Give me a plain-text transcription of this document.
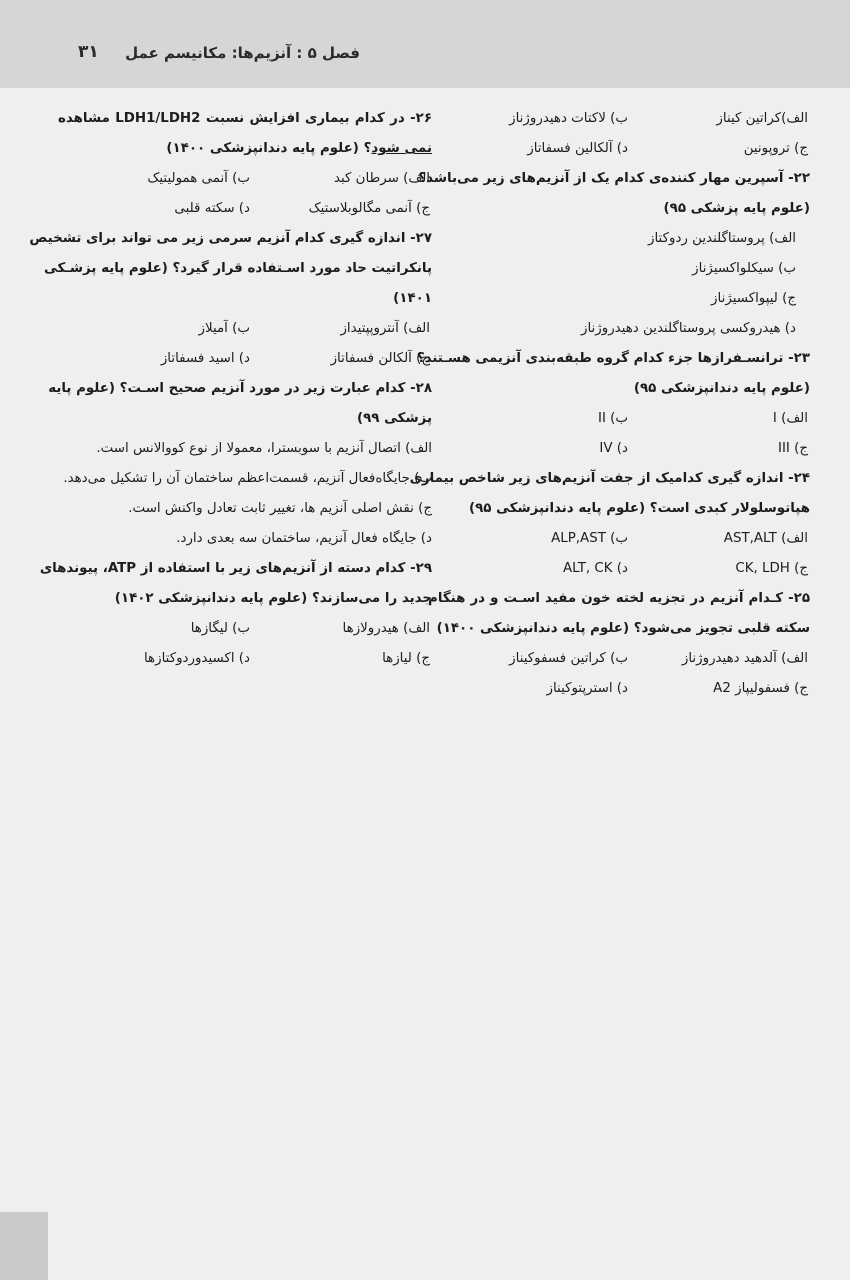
فصل ۵ : آنزیم‌ها: مکانیسم عمل
۳۱
الف)کراتین کیناز
ب) لاکتات دهیدروژناز
ج) تروپونین
د) آلکالین فسفاتاز
۲۲- آسپرین مهار کننده‌ی کدام یک از آنزیم‌های زیر می‌باشد؟
(علوم پایه پزشکی ۹۵)
الف) پروستاگلندین ردوکتاز
ب) سیکلواکسیژناز
ج) لیپواکسیژناز
د) هیدروکسی پروستاگلندین دهیدروژناز
۲۳- ترانسـفرازها جزء کدام گروه طبقه‌بندی آنزیمی هسـتند؟
(علوم پایه دندانپزشکی ۹۵)
الف) I
ب) II
ج) III
د) IV
۲۴- اندازه گیری کدامیک از جفت آنزیم‌های زیر شاخص بیماری
هپاتوسلولار کبدی است؟ (علوم پایه دندانپزشکی ۹۵)
الف) AST,ALT
ب) ALP,AST
ج) CK, LDH
د) ALT, CK
۲۵- کـدام آنزیم در تجزیه لخته خون مفید اسـت و در هنگام
سکته قلبی تجویز می‌شود؟ (علوم پایه دندانپزشکی ۱۴۰۰)
الف) آلدهید دهیدروژناز
ب) کراتین فسفوکیناز
ج) فسفولیپاز A2
د) استرپتوکیناز
۲۶- در کدام بیماری افزایش نسبت LDH1/LDH2 مشاهده
نمی شود؟ (علوم پایه دندانپزشکی ۱۴۰۰)
الف) سرطان کبد
ب) آنمی همولیتیک
ج) آنمی مگالوبلاستیک
د) سکته قلبی
۲۷- اندازه گیری کدام آنزیم سرمی زیر می تواند برای تشخیص
پانکراتیت حاد مورد اسـتفاده قرار گیرد؟ (علوم پایه پزشـکی
۱۴۰۱)
الف) آنتروپپتیداز
ب) آمیلاز
ج) آلکالن فسفاتاز
د) اسید فسفاتاز
۲۸- کدام عبارت زیر در مورد آنزیم صحیح اسـت؟ (علوم پایه
پزشکی ۹۹)
الف) اتصال آنزیم با سوبسترا، معمولا از نوع کووالانس است.
ب) جایگاه‌فعال آنزیم، قسمت‌اعظم ساختمان آن را تشکیل می‌دهد.
ج) نقش اصلی آنزیم ها، تغییر ثابت تعادل واکنش است.
د) جایگاه فعال آنزیم، ساختمان سه بعدی دارد.
۲۹- کدام دسته از آنزیم‌های زیر با استفاده از ATP، پیوندهای
جدید را می‌سازند؟ (علوم پایه دندانپزشکی ۱۴۰۲)
الف) هیدرولازها
ب) لیگازها
ج) لیازها
د) اکسیدوردوکتازها
